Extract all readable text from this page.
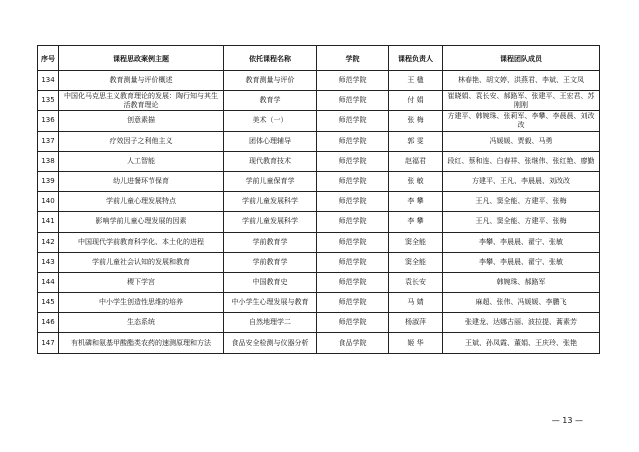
序号	课程思政案例主题	依托课程名称	学院	课程负责人	课程团队成员
134	教育测量与评价概述	教育测量与评价	师范学院	王 楹	林春艳、胡文婷、洪燕君、李斌、王文凤
135	中国化马克思主义教育理论的发展：陶行知与其生活教育理论	教育学	师范学院	付 娟	崔晓娟、袁长安、郝路军、张建平、王宏君、苏刚刚
136	创意素描	美术（一）	师范学院	张 梅	方建平、韩婉珠、张莉军、李攀、李晨晨、刘改改
137	疗效因子之利他主义	团体心理辅导	师范学院	郭 雯	冯媛媛、贾毅、马勇
138	人工智能	现代教育技术	师范学院	赵福君	段红、蔡和连、白春祥、张继伟、张红艳、廖勤
139	幼儿进餐环节保育	学前儿童保育学	师范学院	张 敏	方建平、王凡、李晨晨、刘改改
140	学前儿童心理发展特点	学前儿童发展科学	师范学院	李 攀	王凡、窦全能、方建平、张梅
141	影响学前儿童心理发展的因素	学前儿童发展科学	师范学院	李 攀	王凡、窦全能、方建平、张梅
142	中国现代学前教育科学化、本土化的进程	学前教育学	师范学院	窦全能	李攀、李晨晨、翟宁、张敏
143	学前儿童社会认知的发展和教育	学前教育学	师范学院	窦全能	李攀、李晨晨、翟宁、张敏
144	稷下学宫	中国教育史	师范学院	袁长安	韩婉珠、郝路军
145	中小学生创造性思维的培养	中小学生心理发展与教育	师范学院	马 婧	麻超、张伟、冯媛媛、李鹏飞
146	生态系统	自然地理学二	师范学院	杨淑萍	张建龙、达娜古丽、波拉提、蒿素芳
147	有机磷和氨基甲酸酯类农药的速测原理和方法	食品安全检测与仪器分析	食品学院	姬 华	王斌、孙凤霞、董娟、王庆玲、张艳
— 13 —
